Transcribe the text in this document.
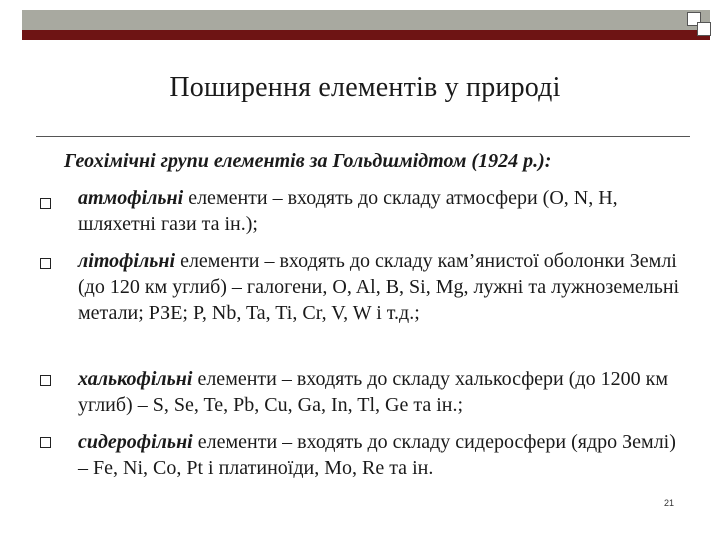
Поширення елементів у природі
Геохімічні групи елементів за Гольдшмідтом (1924 р.):
атмофільні елементи – входять до складу атмосфери (O, N, H, шляхетні гази та ін.);
літофільні елементи – входять до складу кам’янистої оболонки Землі (до 120 км углиб) – галогени, O, Al, B, Si, Mg, лужні та лужноземельні метали; РЗЕ; P, Nb, Ta, Ti, Cr, V, W і т.д.;
халькофільні елементи – входять до складу халькосфери (до 1200 км углиб) – S, Se, Te, Pb, Cu, Ga, In, Tl, Ge та ін.;
сидерофільні елементи – входять до складу сидеросфери (ядро Землі) – Fe, Ni, Co, Pt і платиноїди, Mo, Re та ін.
21
